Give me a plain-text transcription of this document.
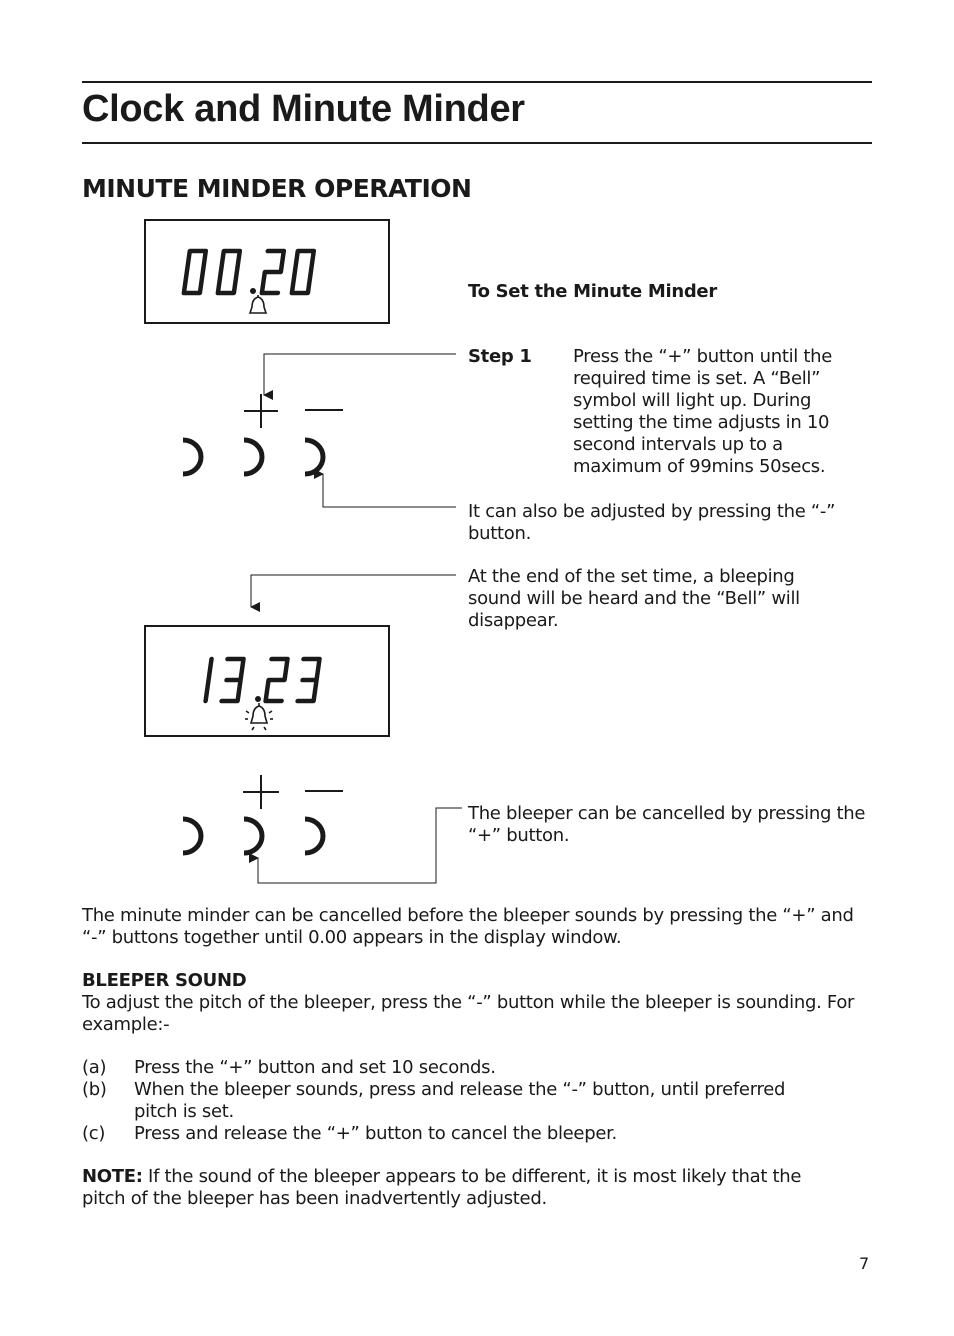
Clock and Minute Minder
MINUTE MINDER OPERATION
To Set the Minute Minder
Step 1 Press the “+” button until the required time is set. A “Bell” symbol will light up. During setting the time adjusts in 10 second intervals up to a maximum of 99mins 50secs.
It can also be adjusted by pressing the “-” button.
At the end of the set time, a bleeping sound will be heard and the “Bell” will disappear.
The bleeper can be cancelled by pressing the “+” button.
The minute minder can be cancelled before the bleeper sounds by pressing the “+” and “-” buttons together until 0.00 appears in the display window.
BLEEPER SOUND
To adjust the pitch of the bleeper, press the “-” button while the bleeper is sounding. For example:-
(a) Press the “+” button and set 10 seconds.
(b) When the bleeper sounds, press and release the “-” button, until preferred pitch is set.
(c) Press and release the “+” button to cancel the bleeper.
NOTE: If the sound of the bleeper appears to be different, it is most likely that the pitch of the bleeper has been inadvertently adjusted.
7
